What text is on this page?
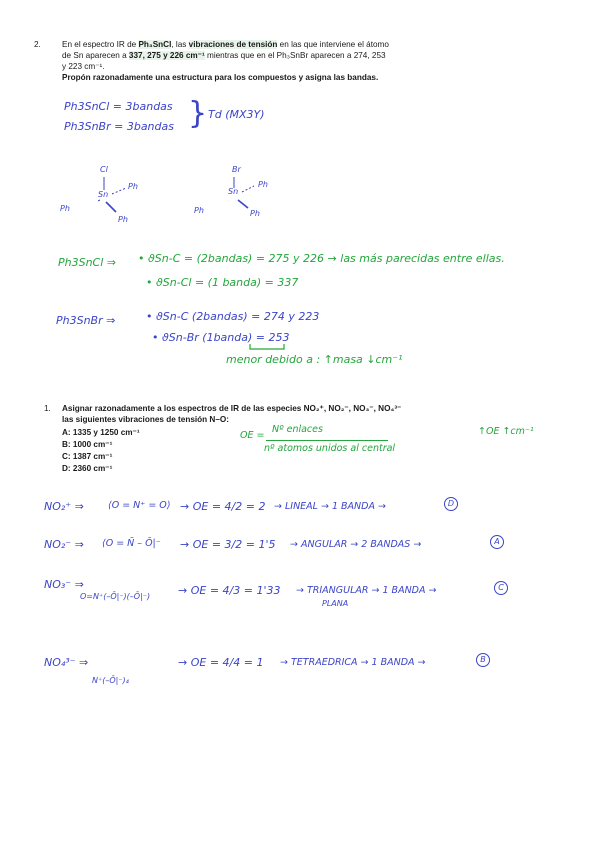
2.	En el espectro IR de Ph₃SnCl, las vibraciones de tensión en las que interviene el átomo
de Sn aparecen a 337, 275 y 226 cm⁻¹ mientras que en el Ph₃SnBr aparecen a 274, 253
y 223 cm⁻¹.
Propón razonadamente una estructura para los compuestos y asigna las bandas.
Ph3SnCl = 3bandas
Ph3SnBr = 3bandas } Td (MX3Y)
Cl
Sn
Ph
Ph
Ph
Br
Sn
Ph
Ph	Ph
Ph3SnCl ⇒ • ϑSn-C = (2bandas) = 275 y 226 → las más parecidas entre ellas.
• ϑSn-Cl = (1 banda) = 337
Ph3SnBr ⇒	• ϑSn-C (2bandas) = 274 y 223
• ϑSn-Br (1banda) = 253
menor debido a : ↑masa ↓cm⁻¹
1. Asignar razonadamente a los espectros de IR de las especies NO₂⁺, NO₂⁻, NO₃⁻, NO₄³⁻
las siguientes vibraciones de tensión N–O:
A: 1335 y 1250 cm⁻¹
B: 1000 cm⁻¹
C: 1387 cm⁻¹
D: 2360 cm⁻¹
OE =
Nº enlaces
nº atomos unidos al central
↑OE ↑cm⁻¹
NO₂⁺ ⇒	⟨O = N⁺ = O⟩ → OE = 4/2 = 2 → LINEAL → 1 BANDA →	D
NO₂⁻ ⇒ ⟨O = N̄ – Ō|⁻ → OE = 3/2 = 1'5 → ANGULAR → 2 BANDAS →	A
NO₃⁻ ⇒
O=N⁺(–Ō|⁻)(–Ō|⁻)	→ OE = 4/3 = 1'33 → TRIANGULAR → 1 BANDA →
PLANA
C
NO₄³⁻ ⇒
N⁺(–Ō|⁻)₄
→ OE = 4/4 = 1 → TETRAEDRICA → 1 BANDA →	B
